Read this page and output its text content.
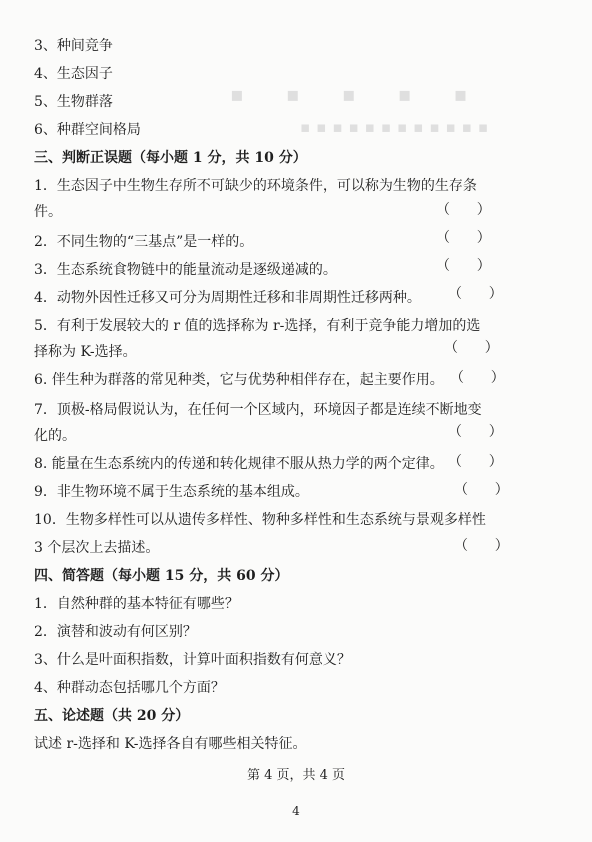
▪ ▪ ▪ ▪ ▪
▪▪▪▪▪▪▪▪▪▪▪▪
3、种间竞争
4、生态因子
5、生物群落
6、种群空间格局
三、判断正误题（每小题 1 分，共 10 分）
1．生态因子中生物生存所不可缺少的环境条件，可以称为生物的生存条
件。	（      ）
2．不同生物的“三基点”是一样的。	（      ）
3．生态系统食物链中的能量流动是逐级递减的。	（      ）
4．动物外因性迁移又可分为周期性迁移和非周期性迁移两种。 （      ）
5．有利于发展较大的 r 值的选择称为 r-选择，有利于竞争能力增加的选
择称为 K-选择。	（      ）
6. 伴生种为群落的常见种类，它与优势种相伴存在，起主要作用。 （      ）
7．顶极-格局假说认为，在任何一个区域内，环境因子都是连续不断地变
化的。	（      ）
8. 能量在生态系统内的传递和转化规律不服从热力学的两个定律。 （      ）
9．非生物环境不属于生态系统的基本组成。	（      ）
10．生物多样性可以从遗传多样性、物种多样性和生态系统与景观多样性
3 个层次上去描述。	（      ）
四、简答题（每小题 15 分，共 60 分）
1．自然种群的基本特征有哪些？
2．演替和波动有何区别？
3、什么是叶面积指数，计算叶面积指数有何意义？
4、种群动态包括哪几个方面？
五、论述题（共 20 分）
试述 r-选择和 K-选择各自有哪些相关特征。
第 4 页，共 4 页
4
